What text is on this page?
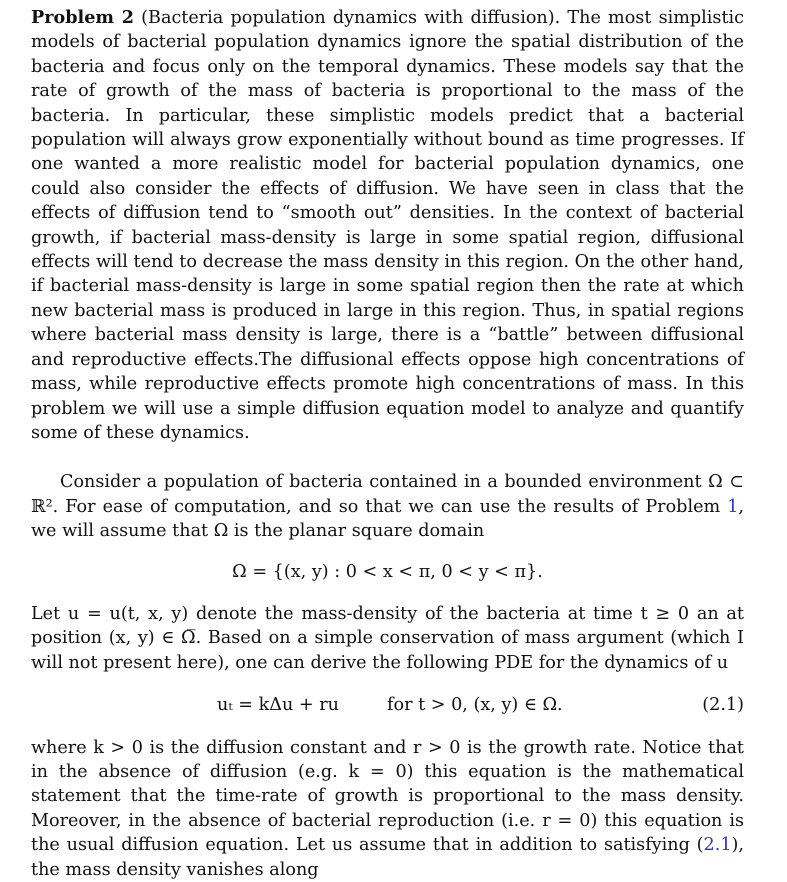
Problem 2 (Bacteria population dynamics with diffusion). The most simplistic models of bacterial population dynamics ignore the spatial distribution of the bacteria and focus only on the temporal dynamics. These models say that the rate of growth of the mass of bacteria is proportional to the mass of the bacteria. In particular, these simplistic models predict that a bacterial population will always grow exponentially without bound as time progresses. If one wanted a more realistic model for bacterial population dynamics, one could also consider the effects of diffusion. We have seen in class that the effects of diffusion tend to “smooth out” densities. In the context of bacterial growth, if bacterial mass-density is large in some spatial region, diffusional effects will tend to decrease the mass density in this region. On the other hand, if bacterial mass-density is large in some spatial region then the rate at which new bacterial mass is produced in large in this region. Thus, in spatial regions where bacterial mass density is large, there is a “battle” between diffusional and reproductive effects.The diffusional effects oppose high concentrations of mass, while reproductive effects promote high concentrations of mass. In this problem we will use a simple diffusion equation model to analyze and quantify some of these dynamics.

Consider a population of bacteria contained in a bounded environment Ω ⊂ ℝ². For ease of computation, and so that we can use the results of Problem 1, we will assume that Ω is the planar square domain

Ω = {(x, y) : 0 < x < π, 0 < y < π}.

Let u = u(t, x, y) denote the mass-density of the bacteria at time t ≥ 0 an at position (x, y) ∈ Ω̅. Based on a simple conservation of mass argument (which I will not present here), one can derive the following PDE for the dynamics of u

uₜ = kΔu + ru	for t > 0, (x, y) ∈ Ω.	(2.1)

where k > 0 is the diffusion constant and r > 0 is the growth rate. Notice that in the absence of diffusion (e.g. k = 0) this equation is the mathematical statement that the time-rate of growth is proportional to the mass density. Moreover, in the absence of bacterial reproduction (i.e. r = 0) this equation is the usual diffusion equation. Let us assume that in addition to satisfying (2.1), the mass density vanishes along
